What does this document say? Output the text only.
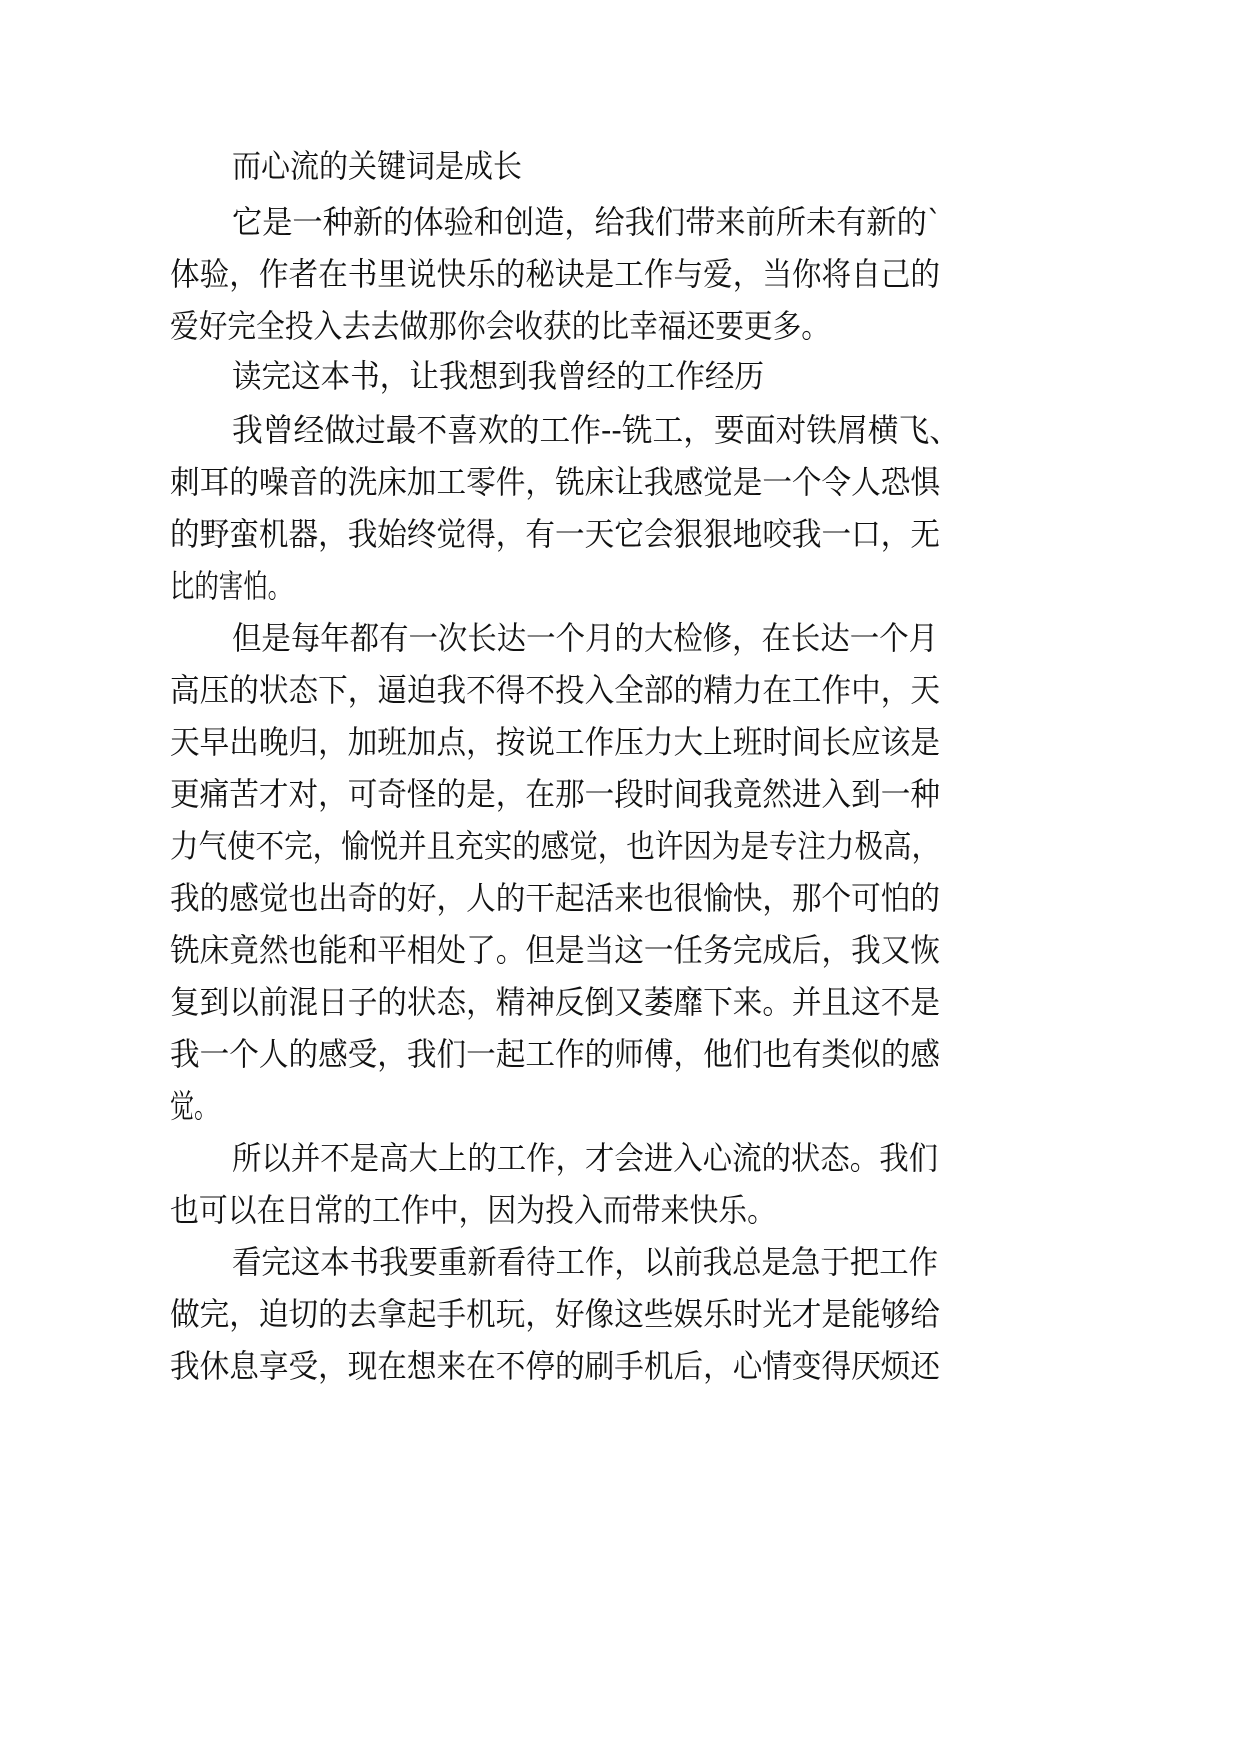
而心流的关键词是成长
它是一种新的体验和创造，给我们带来前所未有新的`
体验，作者在书里说快乐的秘诀是工作与爱，当你将自己的
爱好完全投入去去做那你会收获的比幸福还要更多。
读完这本书，让我想到我曾经的工作经历
我曾经做过最不喜欢的工作--铣工，要面对铁屑横飞、
刺耳的噪音的洗床加工零件，铣床让我感觉是一个令人恐惧
的野蛮机器，我始终觉得，有一天它会狠狠地咬我一口，无
比的害怕。
但是每年都有一次长达一个月的大检修，在长达一个月
高压的状态下，逼迫我不得不投入全部的精力在工作中，天
天早出晚归，加班加点，按说工作压力大上班时间长应该是
更痛苦才对，可奇怪的是，在那一段时间我竟然进入到一种
力气使不完，愉悦并且充实的感觉，也许因为是专注力极高，
我的感觉也出奇的好，人的干起活来也很愉快，那个可怕的
铣床竟然也能和平相处了。但是当这一任务完成后，我又恢
复到以前混日子的状态，精神反倒又萎靡下来。并且这不是
我一个人的感受，我们一起工作的师傅，他们也有类似的感
觉。
所以并不是高大上的工作，才会进入心流的状态。我们
也可以在日常的工作中，因为投入而带来快乐。
看完这本书我要重新看待工作，以前我总是急于把工作
做完，迫切的去拿起手机玩，好像这些娱乐时光才是能够给
我休息享受，现在想来在不停的刷手机后，心情变得厌烦还
